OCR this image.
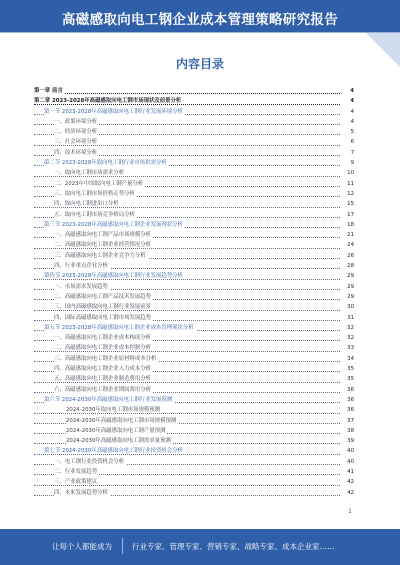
高磁感取向电工钢企业成本管理策略研究报告
内容目录
第一章 前言	4
第二章 2023-2028年高磁感取向电工钢市场现状及前景分析	4
第一节 2023-2028年高磁感取向电工钢行业发展环境分析	4
一、政策环境分析	4
二、经济环境分析	5
三、社会环境分析	6
四、技术环境分析	7
第二节 2023-2028年取向电工钢行业市场供需分析	9
一、取向电工钢市场需求分析	10
二、2023年中国取向电工钢产量分析	11
三、取向电工钢市场价格走势分析	12
四、取向电工钢进出口分析	15
五、取向电工钢市场竞争格局分析	17
第三节 2023-2028年高磁感取向电工钢企业发展现状分析	18
一、高磁感取向电工钢产品市场规模分析	21
二、高磁感取向电工钢企业经营情况分析	24
三、高磁感取向电工钢企业竞争力分析	26
四、行业重点企业分析	28
第四节 2023-2028年高磁感取向电工钢行业发展趋势分析	29
一、市场需求发展趋势	29
二、高磁感取向电工钢产品技术发展趋势	29
三、国内高磁感取向电工钢行业发展前景	30
四、国际高磁感取向电工钢市场发展趋势	31
第五节 2023-2028年高磁感取向电工钢企业成本管理现状分析	32
一、高磁感取向电工钢企业成本构成分析	32
二、高磁感取向电工钢企业成本控制分析	33
三、高磁感取向电工钢企业原材料成本分析	34
四、高磁感取向电工钢企业人力成本分析	35
五、高磁感取向电工钢企业制造费用分析	35
六、高磁感取向电工钢企业期间费用分析	36
第六节 2024-2030年高磁感取向电工钢行业发展预测	36
2024-2030年取向电工钢市场规模预测	36
2024-2030年高磁感取向电工钢市场规模预测	37
2024-2030年高磁感取向电工钢产量预测	38
2024-2030年高磁感取向电工钢需求量预测	39
第七节 2024-2030年高磁感取向电工钢行业投资机会分析	40
一、电工钢行业投资机会分析	40
二、行业发展趋势	41
三、产业政策建议	42
四、未来发展趋势分析	42
1
让每个人都能成为	行业专家、管理专家、营销专家、战略专家、成本企业家……
